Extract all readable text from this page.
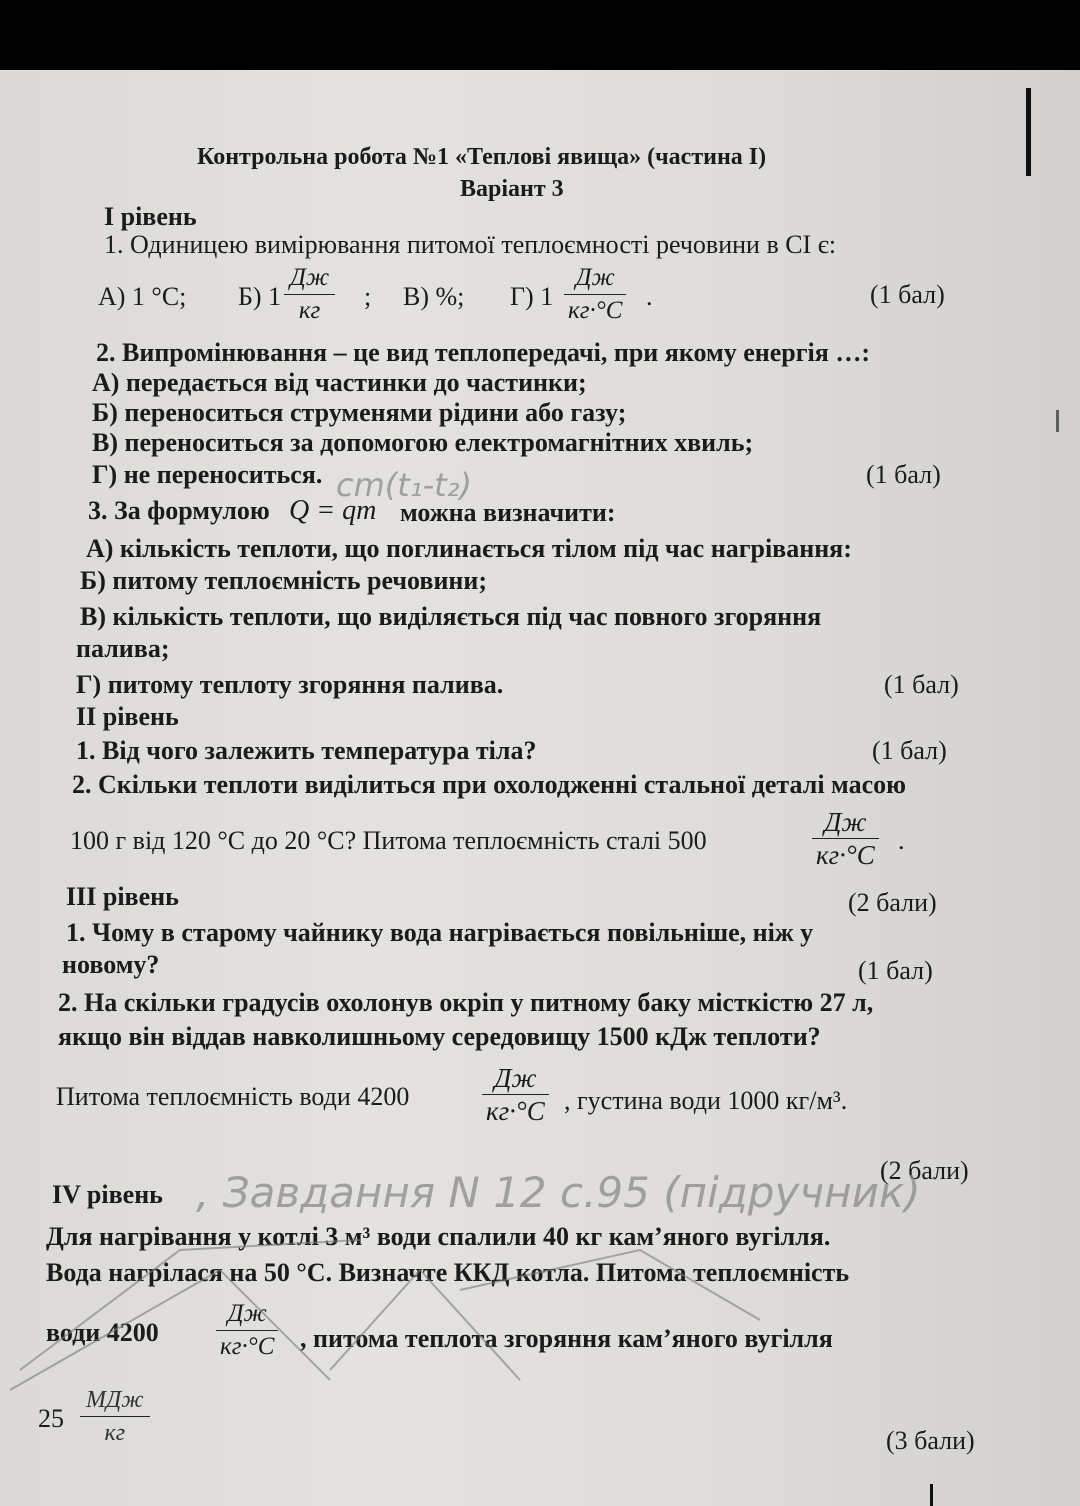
Контрольна робота №1 «Теплові явища» (частина І)
Варіант 3
І рівень
1. Одиницею вимірювання питомої теплоємності речовини в СІ є:
А) 1 °С; Б) 1
Дж
кг	; В) %; Г) 1
Дж
кг·°С .	(1 бал)
2. Випромінювання – це вид теплопередачі, при якому енергія …:
А) передається від частинки до частинки;
Б) переноситься струменями рідини або газу;
В) переноситься за допомогою електромагнітних хвиль;
Г) не переноситься.	(1 бал)
cm(t₁-t₂)
3. За формулою Q = qm можна визначити:
А) кількість теплоти, що поглинається тілом під час нагрівання:
Б) питому теплоємність речовини;
В) кількість теплоти, що виділяється під час повного згоряння
палива;
Г) питому теплоту згоряння палива.	(1 бал)
ІІ рівень
1. Від чого залежить температура тіла?	(1 бал)
2. Скільки теплоти виділиться при охолодженні стальної деталі масою
100 г від 120 °С до 20 °С? Питома теплоємність сталі 500
Дж
кг·°С .
ІІІ рівень	(2 бали)
1. Чому в старому чайнику вода нагрівається повільніше, ніж у
новому?	(1 бал)
2. На скільки градусів охолонув окріп у питному баку місткістю 27 л,
якщо він віддав навколишньому середовищу 1500 кДж теплоти?
Питома теплоємність води 4200
Дж
кг·°С , густина води 1000 кг/м³.
(2 бали)
IV рівень , Завдання N 12 с.95 (підручник)
Для нагрівання у котлі 3 м³ води спалили 40 кг кам’яного вугілля.
Вода нагрілася на 50 °С. Визначте ККД котла. Питома теплоємність
води 4200
Дж
кг·°С , питома теплота згоряння кам’яного вугілля
25
МДж
кг	(3 бали)
